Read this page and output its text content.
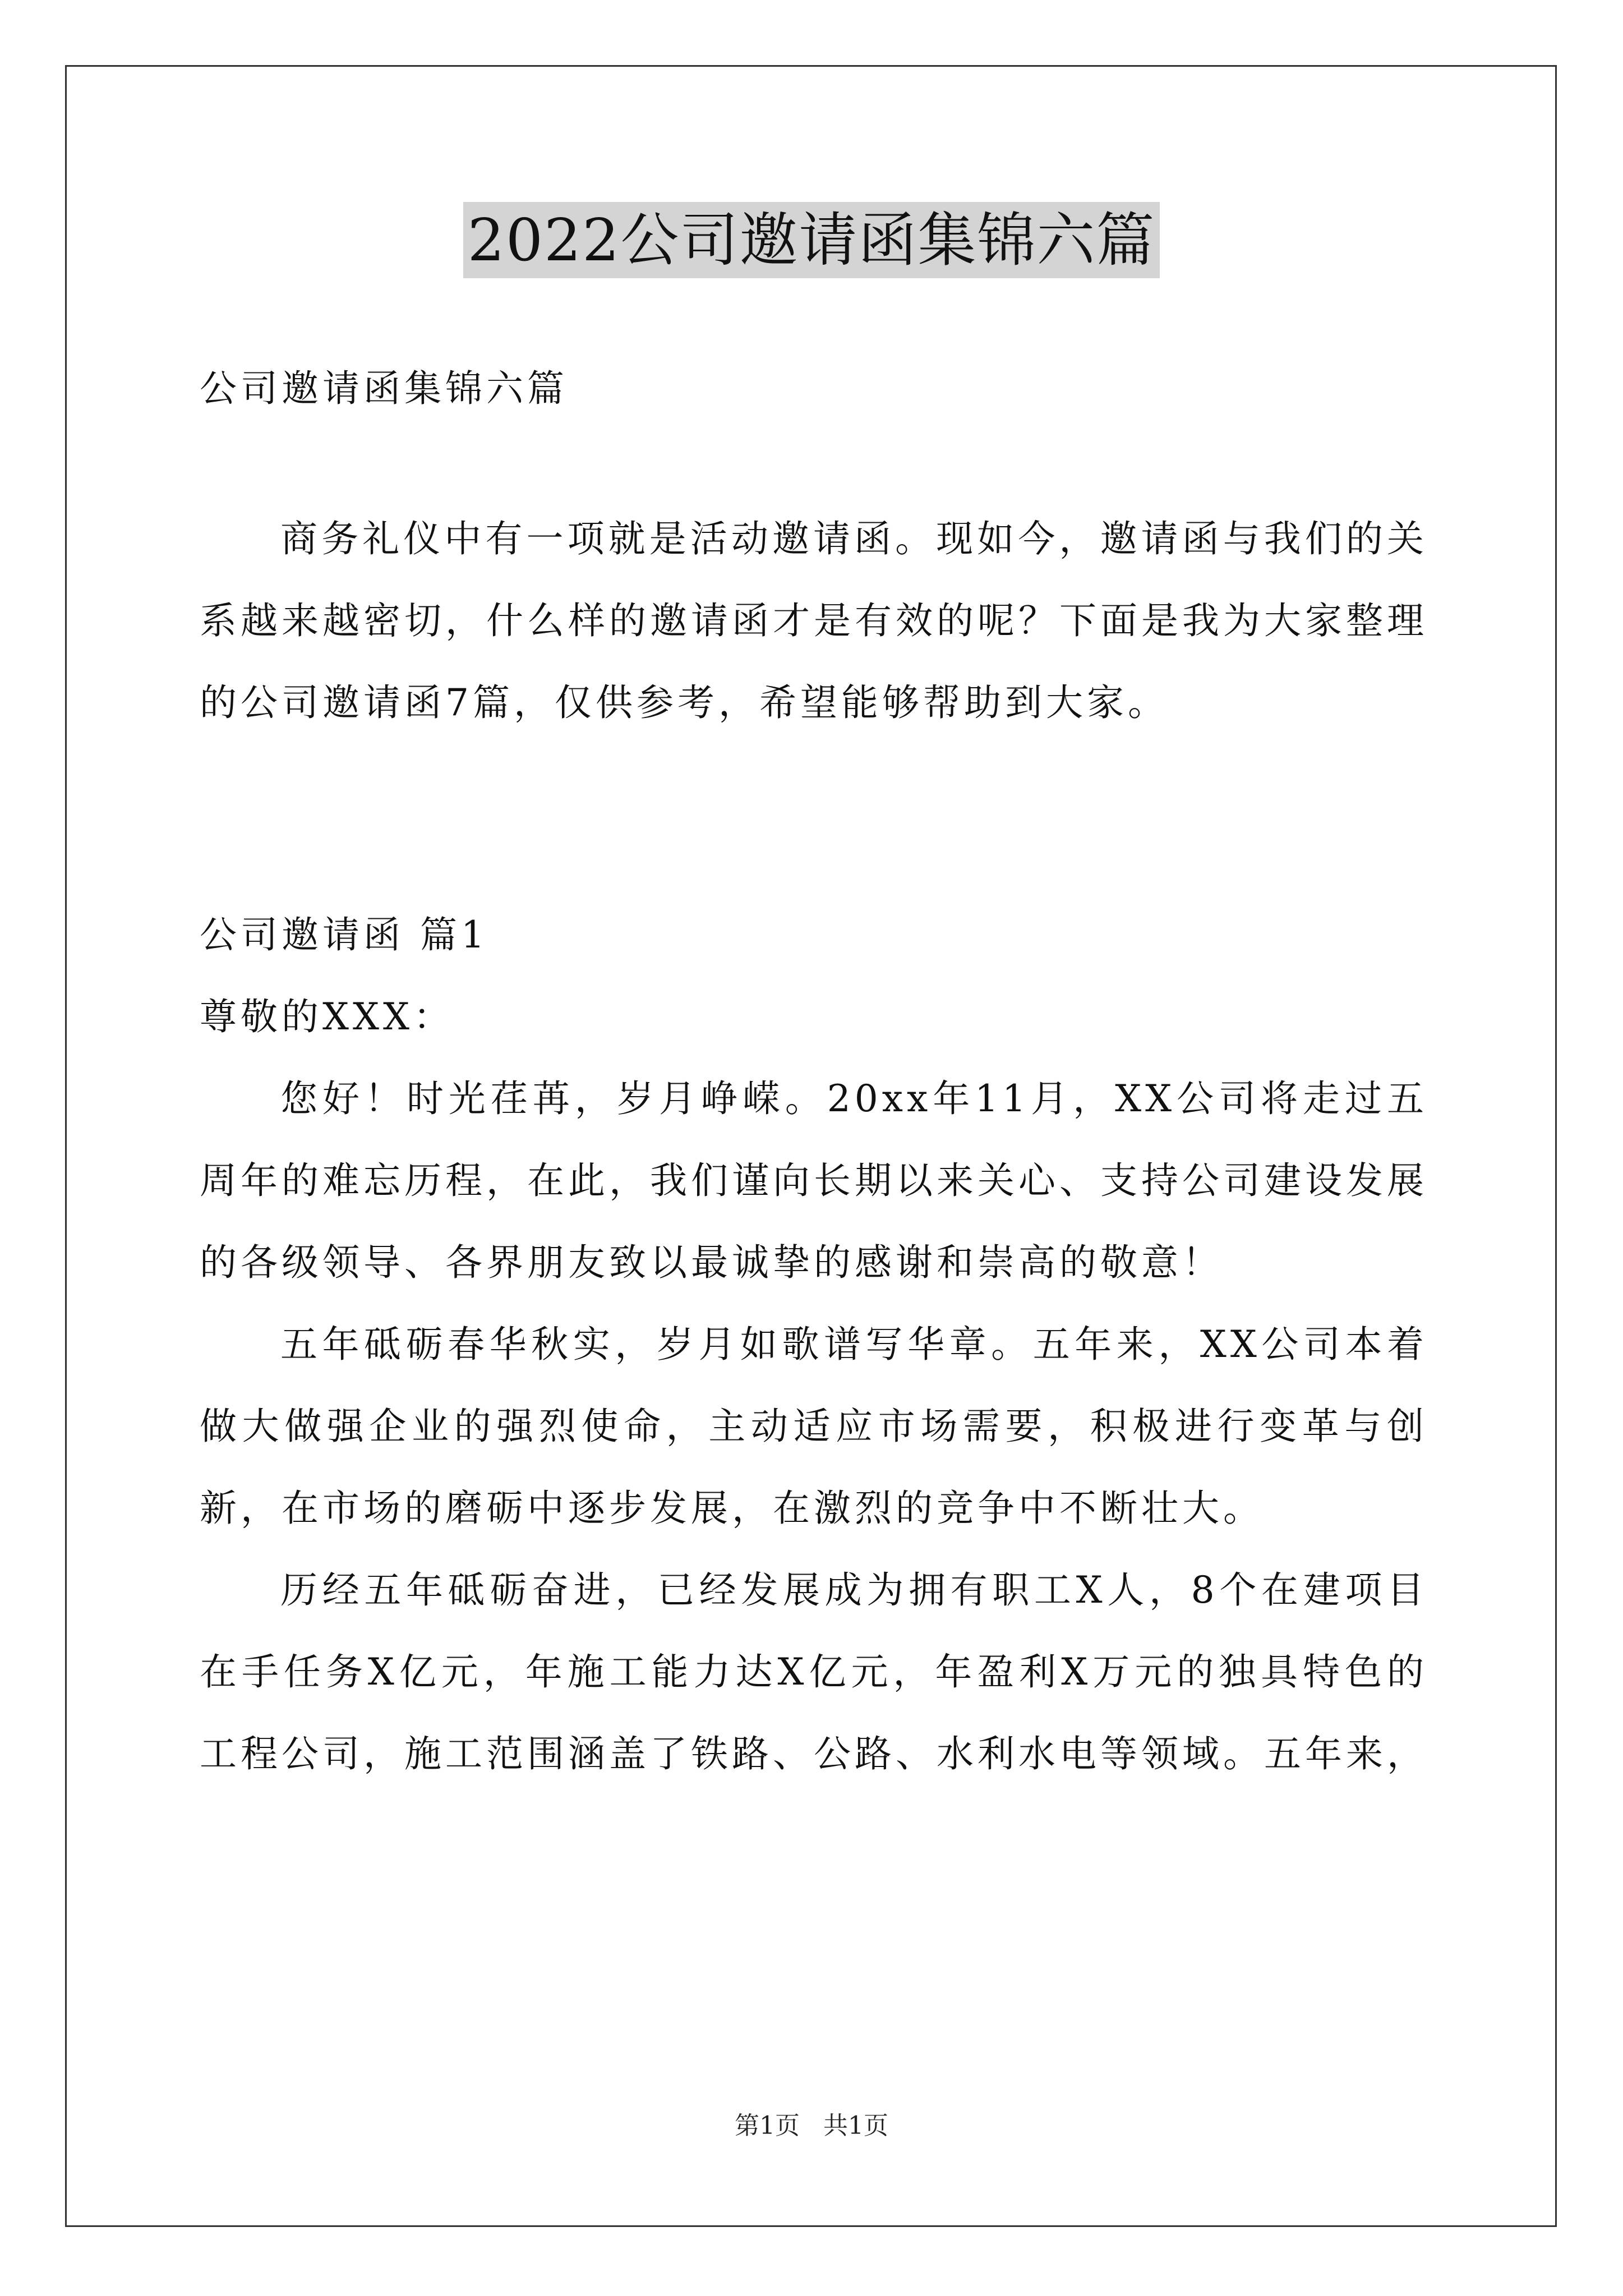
2022公司邀请函集锦六篇

公司邀请函集锦六篇

商务礼仪中有一项就是活动邀请函。现如今，邀请函与我们的关系越来越密切，什么样的邀请函才是有效的呢？下面是我为大家整理的公司邀请函7篇，仅供参考，希望能够帮助到大家。

公司邀请函 篇1

尊敬的XXX：

您好！时光荏苒，岁月峥嵘。20xx年11月，XX公司将走过五周年的难忘历程，在此，我们谨向长期以来关心、支持公司建设发展的各级领导、各界朋友致以最诚挚的感谢和崇高的敬意！

五年砥砺春华秋实，岁月如歌谱写华章。五年来，XX公司本着做大做强企业的强烈使命，主动适应市场需要，积极进行变革与创新，在市场的磨砺中逐步发展，在激烈的竞争中不断壮大。

历经五年砥砺奋进，已经发展成为拥有职工X人，8个在建项目在手任务X亿元，年施工能力达X亿元，年盈利X万元的独具特色的工程公司，施工范围涵盖了铁路、公路、水利水电等领域。五年来，

第1页 共1页
